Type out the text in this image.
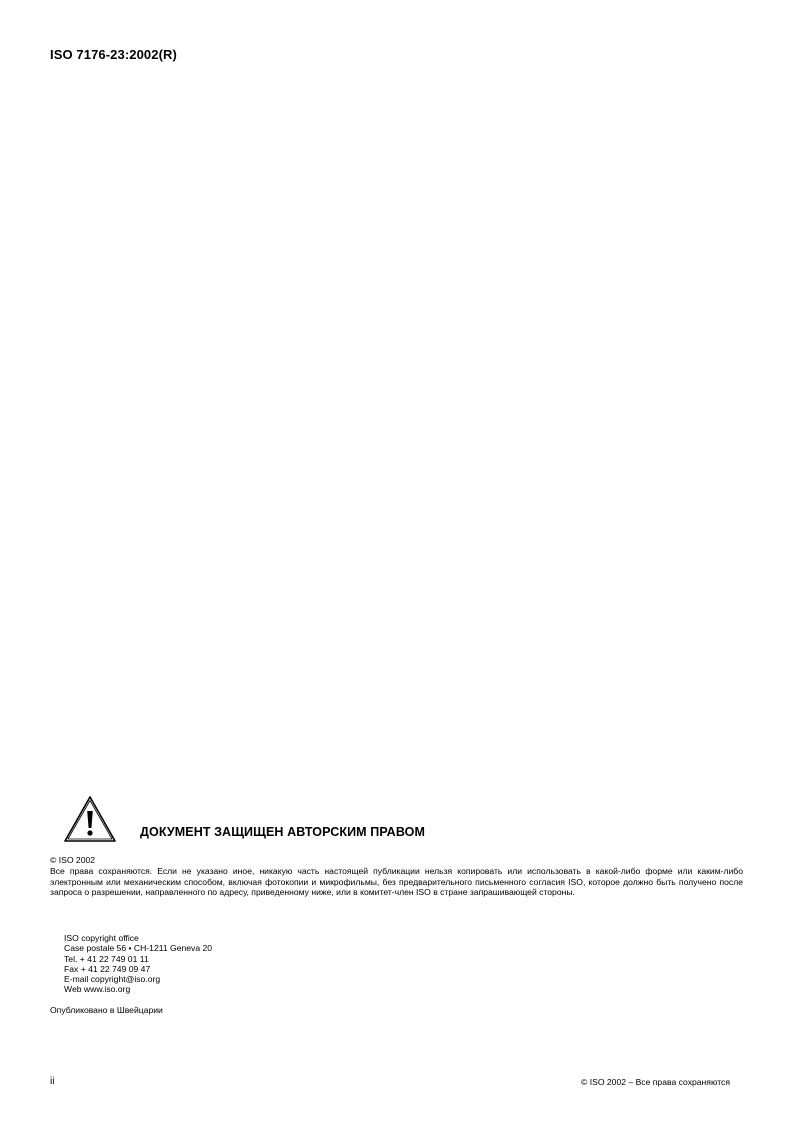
ISO 7176-23:2002(R)
ДОКУМЕНТ ЗАЩИЩЕН АВТОРСКИМ ПРАВОМ
© ISO 2002
Все права сохраняются. Если не указано иное, никакую часть настоящей публикации нельзя копировать или использовать в какой-либо форме или каким-либо электронным или механическим способом, включая фотокопии и микрофильмы, без предварительного письменного согласия ISO, которое должно быть получено после запроса о разрешении, направленного по адресу, приведенному ниже, или в комитет-член ISO в стране запрашивающей стороны.
ISO copyright office
Case postale 56 • CH-1211 Geneva 20
Tel. + 41 22 749 01 11
Fax + 41 22 749 09 47
E-mail copyright@iso.org
Web www.iso.org
Опубликовано в Швейцарии
ii	© ISO 2002 – Все права сохраняются
